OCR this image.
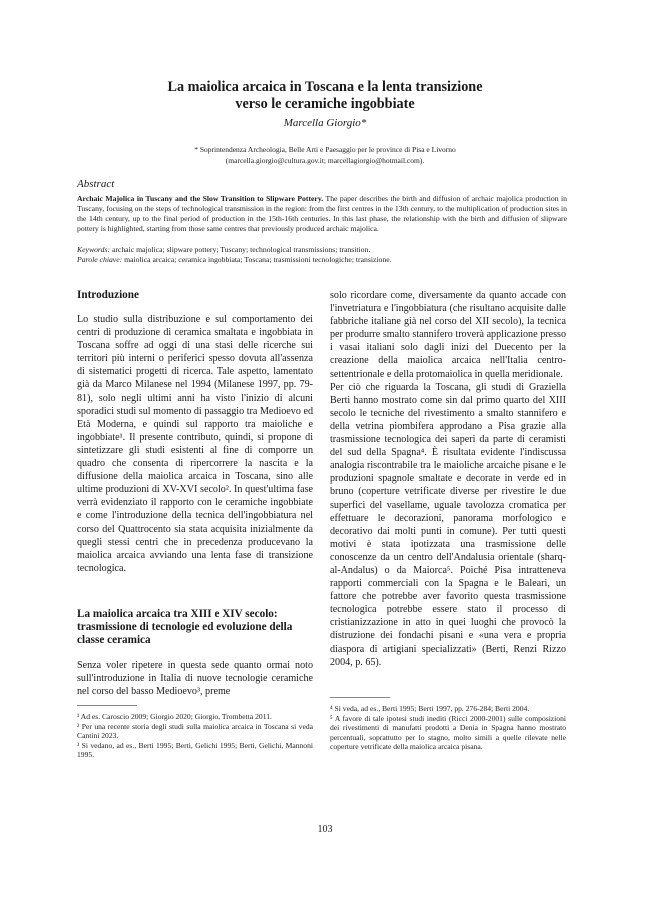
La maiolica arcaica in Toscana e la lenta transizione
verso le ceramiche ingobbiate
Marcella Giorgio*
* Soprintendenza Archeologia, Belle Arti e Paesaggio per le province di Pisa e Livorno
(marcella.giorgio@cultura.gov.it; marcellagiorgio@hotmail.com).
Abstract
Archaic Majolica in Tuscany and the Slow Transition to Slipware Pottery. The paper describes the birth and diffusion of archaic majolica production in Tuscany, focusing on the steps of technological transmission in the region: from the first centres in the 13th century, to the multiplication of production sites in the 14th century, up to the final period of production in the 15th-16th centuries. In this last phase, the relationship with the birth and diffusion of slipware pottery is highlighted, starting from those same centres that previously produced archaic majolica.
Keywords: archaic majolica; slipware pottery; Tuscany; technological transmissions; transition.
Parole chiave: maiolica arcaica; ceramica ingobbiata; Toscana; trasmissioni tecnologiche; transizione.
Introduzione
Lo studio sulla distribuzione e sul comportamento dei centri di produzione di ceramica smaltata e ingobbiata in Toscana soffre ad oggi di una stasi delle ricerche sui territori più interni o periferici spesso dovuta all'assenza di sistematici progetti di ricerca. Tale aspetto, lamentato già da Marco Milanese nel 1994 (Milanese 1997, pp. 79-81), solo negli ultimi anni ha visto l'inizio di alcuni sporadici studi sul momento di passaggio tra Medioevo ed Età Moderna, e quindi sul rapporto tra maioliche e ingobbiate¹. Il presente contributo, quindi, si propone di sintetizzare gli studi esistenti al fine di comporre un quadro che consenta di ripercorrere la nascita e la diffusione della maiolica arcaica in Toscana, sino alle ultime produzioni di XV-XVI secolo². In quest'ultima fase verrà evidenziato il rapporto con le ceramiche ingobbiate e come l'introduzione della tecnica dell'ingobbiatura nel corso del Quattrocento sia stata acquisita inizialmente da quegli stessi centri che in precedenza producevano la maiolica arcaica avviando una lenta fase di transizione tecnologica.
La maiolica arcaica tra XIII e XIV secolo: trasmissione di tecnologie ed evoluzione della classe ceramica
Senza voler ripetere in questa sede quanto ormai noto sull'introduzione in Italia di nuove tecnologie ceramiche nel corso del basso Medioevo³, preme
¹ Ad es. Caroscio 2009; Giorgio 2020; Giorgio, Trombetta 2011.
² Per una recente storia degli studi sulla maiolica arcaica in Toscana si veda Cantini 2023.
³ Si vedano, ad es., Berti 1995; Berti, Gelichi 1995; Berti, Gelichi, Mannoni 1995.
solo ricordare come, diversamente da quanto accade con l'invetriatura e l'ingobbiatura (che risultano acquisite dalle fabbriche italiane già nel corso del XII secolo), la tecnica per produrre smalto stannifero troverà applicazione presso i vasai italiani solo dagli inizi del Duecento per la creazione della maiolica arcaica nell'Italia centro-settentrionale e della protomaiolica in quella meridionale.
Per ciò che riguarda la Toscana, gli studi di Graziella Berti hanno mostrato come sin dal primo quarto del XIII secolo le tecniche del rivestimento a smalto stannifero e della vetrina piombifera approdano a Pisa grazie alla trasmissione tecnologica dei saperi da parte di ceramisti del sud della Spagna⁴. È risultata evidente l'indiscussa analogia riscontrabile tra le maioliche arcaiche pisane e le produzioni spagnole smaltate e decorate in verde ed in bruno (coperture vetrificate diverse per rivestire le due superfici del vasellame, uguale tavolozza cromatica per effettuare le decorazioni, panorama morfologico e decorativo dai molti punti in comune). Per tutti questi motivi è stata ipotizzata una trasmissione delle conoscenze da un centro dell'Andalusia orientale (sharq-al-Andalus) o da Maiorca⁵. Poiché Pisa intratteneva rapporti commerciali con la Spagna e le Baleari, un fattore che potrebbe aver favorito questa trasmissione tecnologica potrebbe essere stato il processo di cristianizzazione in atto in quei luoghi che provocò la distruzione dei fondachi pisani e «una vera e propria diaspora di artigiani specializzati» (Berti, Renzi Rizzo 2004, p. 65).
⁴ Si veda, ad es., Berti 1995; Berti 1997, pp. 276-284; Berti 2004.
⁵ A favore di tale ipotesi studi inediti (Ricci 2000-2001) sulle composizioni dei rivestimenti di manufatti prodotti a Denia in Spagna hanno mostrato percentuali, soprattutto per lo stagno, molto simili a quelle rilevate nelle coperture vetrificate della maiolica arcaica pisana.
103
